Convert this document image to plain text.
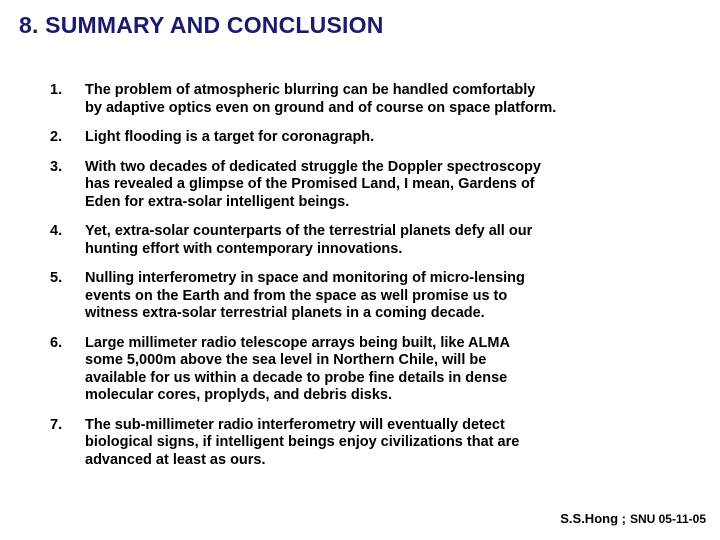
8. SUMMARY AND CONCLUSION
1.	The problem of atmospheric blurring can be handled comfortably
by adaptive optics even on ground and of course on space platform.
2.	Light flooding is a target for coronagraph.
3.	With two decades of dedicated struggle the Doppler spectroscopy
has revealed a glimpse of the Promised Land, I mean, Gardens of
Eden for extra-solar intelligent beings.
4.	Yet, extra-solar counterparts of the terrestrial planets defy all our
hunting effort with contemporary innovations.
5.	Nulling interferometry in space and monitoring of micro-lensing
events on the Earth and from the space as well promise us to
witness extra-solar terrestrial planets in a coming decade.
6.	Large millimeter radio telescope arrays being built, like ALMA
some 5,000m above the sea level in Northern Chile, will be
available for us within a decade to probe fine details in dense
molecular cores, proplyds, and debris disks.
7.	The sub-millimeter radio interferometry will eventually detect
biological signs, if intelligent beings enjoy civilizations that are
advanced at least as ours.
S.S.Hong ; SNU 05-11-05
